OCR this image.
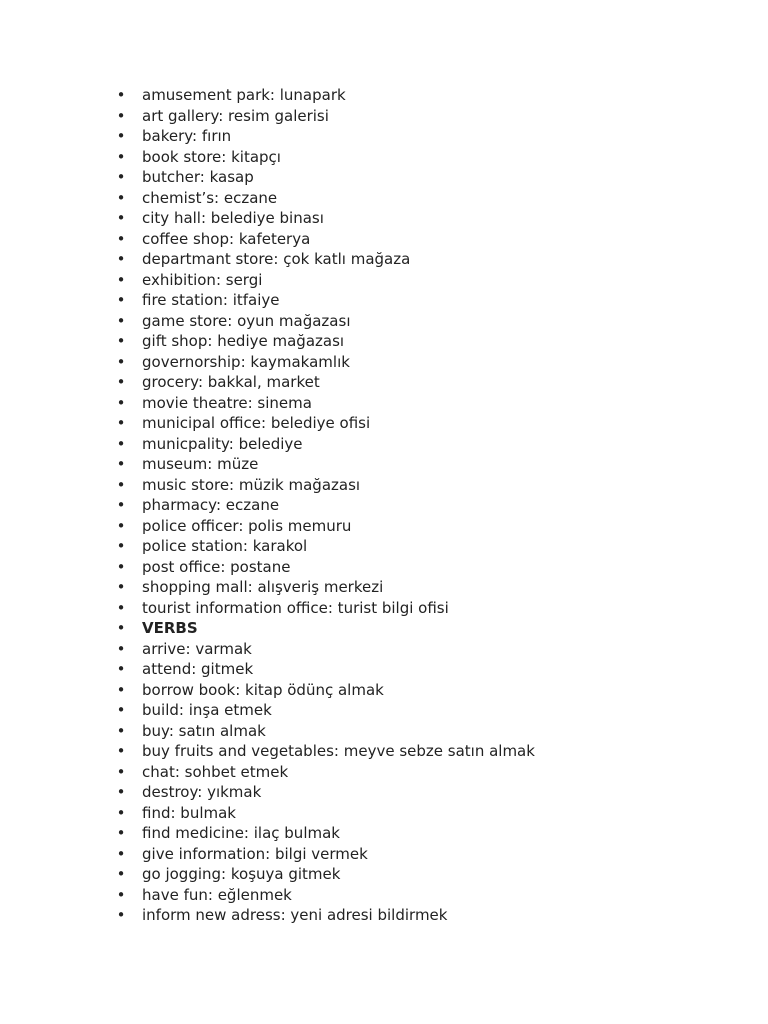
• amusement park: lunapark
• art gallery: resim galerisi
• bakery: fırın
• book store: kitapçı
• butcher: kasap
• chemist’s: eczane
• city hall: belediye binası
• coffee shop: kafeterya
• departmant store: çok katlı mağaza
• exhibition: sergi
• fire station: itfaiye
• game store: oyun mağazası
• gift shop: hediye mağazası
• governorship: kaymakamlık
• grocery: bakkal, market
• movie theatre: sinema
• municipal office: belediye ofisi
• municpality: belediye
• museum: müze
• music store: müzik mağazası
• pharmacy: eczane
• police officer: polis memuru
• police station: karakol
• post office: postane
• shopping mall: alışveriş merkezi
• tourist information office: turist bilgi ofisi
• VERBS
• arrive: varmak
• attend: gitmek
• borrow book: kitap ödünç almak
• build: inşa etmek
• buy: satın almak
• buy fruits and vegetables: meyve sebze satın almak
• chat: sohbet etmek
• destroy: yıkmak
• find: bulmak
• find medicine: ilaç bulmak
• give information: bilgi vermek
• go jogging: koşuya gitmek
• have fun: eğlenmek
• inform new adress: yeni adresi bildirmek
